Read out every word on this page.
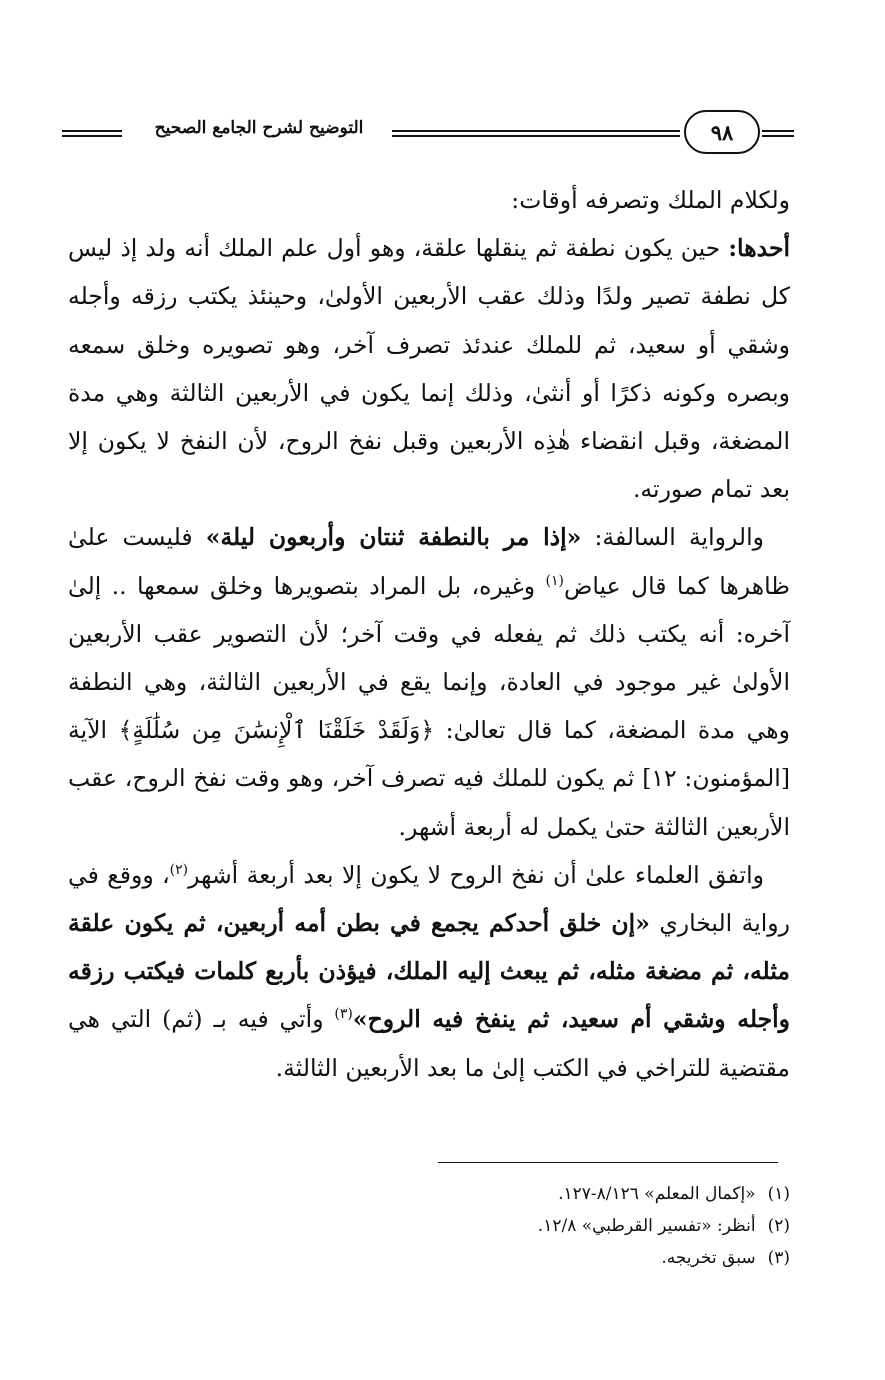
التوضيح لشرح الجامع الصحيح	٩٨

ولكلام الملك وتصرفه أوقات:

أحدها: حين يكون نطفة ثم ينقلها علقة، وهو أول علم الملك أنه ولد إذ ليس كل نطفة تصير ولدًا وذلك عقب الأربعين الأولىٰ، وحينئذ يكتب رزقه وأجله وشقي أو سعيد، ثم للملك عندئذ تصرف آخر، وهو تصويره وخلق سمعه وبصره وكونه ذكرًا أو أنثىٰ، وذلك إنما يكون في الأربعين الثالثة وهي مدة المضغة، وقبل انقضاء هٰذِه الأربعين وقبل نفخ الروح، لأن النفخ لا يكون إلا بعد تمام صورته.

والرواية السالفة: «إذا مر بالنطفة ثنتان وأربعون ليلة» فليست علىٰ ظاهرها كما قال عياض$^{(١)}$ وغيره، بل المراد بتصويرها وخلق سمعها .. إلىٰ آخره: أنه يكتب ذلك ثم يفعله في وقت آخر؛ لأن التصوير عقب الأربعين الأولىٰ غير موجود في العادة، وإنما يقع في الأربعين الثالثة، وهي النطفة وهي مدة المضغة، كما قال تعالىٰ: ﴿وَلَقَدْ خَلَقْنَا ٱلْإِنسَٰنَ مِن سُلَٰلَةٍ﴾ الآية [المؤمنون: ١٢] ثم يكون للملك فيه تصرف آخر، وهو وقت نفخ الروح، عقب الأربعين الثالثة حتىٰ يكمل له أربعة أشهر.

واتفق العلماء علىٰ أن نفخ الروح لا يكون إلا بعد أربعة أشهر$^{(٢)}$، ووقع في رواية البخاري «إن خلق أحدكم يجمع في بطن أمه أربعين، ثم يكون علقة مثله، ثم مضغة مثله، ثم يبعث إليه الملك، فيؤذن بأربع كلمات فيكتب رزقه وأجله وشقي أم سعيد، ثم ينفخ فيه الروح»$^{(٣)}$ وأتي فيه بـ (ثم) التي هي مقتضية للتراخي في الكتب إلىٰ ما بعد الأربعين الثالثة.

(١)«إكمال المعلم» ٨/١٢٦-١٢٧.
(٢)أنظر: «تفسير القرطبي» ١٢/٨.
(٣)سبق تخريجه.
